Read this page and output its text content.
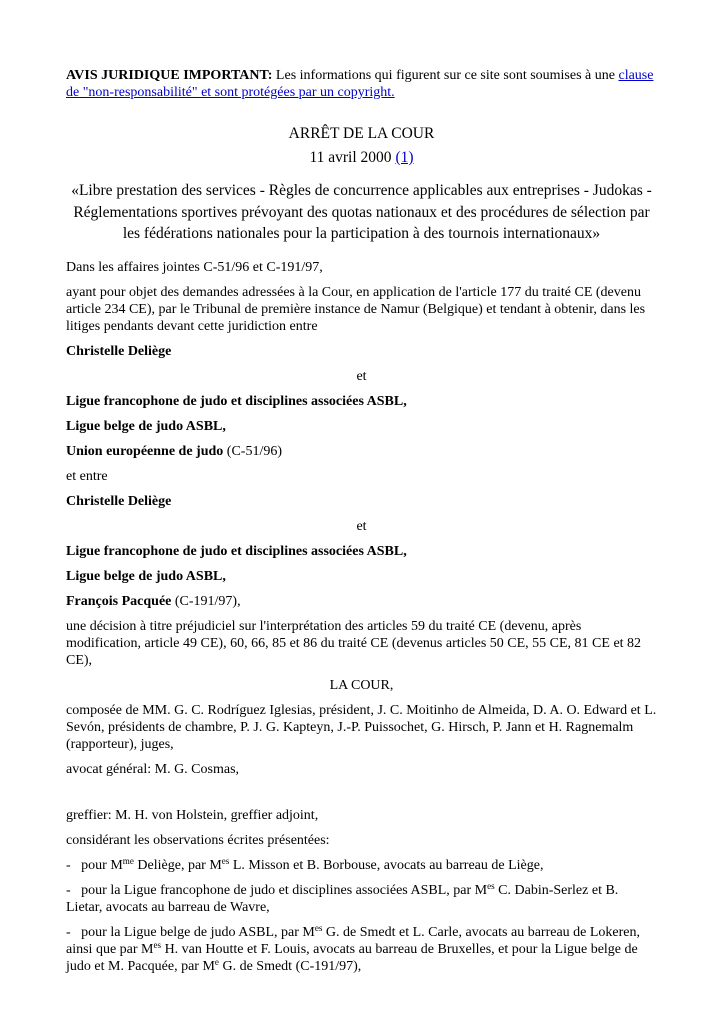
AVIS JURIDIQUE IMPORTANT: Les informations qui figurent sur ce site sont soumises à une clause de "non-responsabilité" et sont protégées par un copyright.

ARRÊT DE LA COUR

11 avril 2000 (1)

«Libre prestation des services - Règles de concurrence applicables aux entreprises - Judokas - Réglementations sportives prévoyant des quotas nationaux et des procédures de sélection par les fédérations nationales pour la participation à des tournois internationaux»

Dans les affaires jointes C-51/96 et C-191/97,

ayant pour objet des demandes adressées à la Cour, en application de l'article 177 du traité CE (devenu article 234 CE), par le Tribunal de première instance de Namur (Belgique) et tendant à obtenir, dans les litiges pendants devant cette juridiction entre

Christelle Deliège

et

Ligue francophone de judo et disciplines associées ASBL,

Ligue belge de judo ASBL,

Union européenne de judo (C-51/96)

et entre

Christelle Deliège

et

Ligue francophone de judo et disciplines associées ASBL,

Ligue belge de judo ASBL,

François Pacquée (C-191/97),

une décision à titre préjudiciel sur l'interprétation des articles 59 du traité CE (devenu, après modification, article 49 CE), 60, 66, 85 et 86 du traité CE (devenus articles 50 CE, 55 CE, 81 CE et 82 CE),

LA COUR,

composée de MM. G. C. Rodríguez Iglesias, président, J. C. Moitinho de Almeida, D. A. O. Edward et L. Sevón, présidents de chambre, P. J. G. Kapteyn, J.-P. Puissochet, G. Hirsch, P. Jann et H. Ragnemalm (rapporteur), juges,

avocat général: M. G. Cosmas,

greffier: M. H. von Holstein, greffier adjoint,

considérant les observations écrites présentées:

-   pour $M^{me}$ Deliège, par $M^{es}$ L. Misson et B. Borbouse, avocats au barreau de Liège,

-   pour la Ligue francophone de judo et disciplines associées ASBL, par $M^{es}$ C. Dabin-Serlez et B. Lietar, avocats au barreau de Wavre,

-   pour la Ligue belge de judo ASBL, par $M^{es}$ G. de Smedt et L. Carle, avocats au barreau de Lokeren, ainsi que par $M^{es}$ H. van Houtte et F. Louis, avocats au barreau de Bruxelles, et pour la Ligue belge de judo et M. Pacquée, par Me G. de Smedt (C-191/97),
